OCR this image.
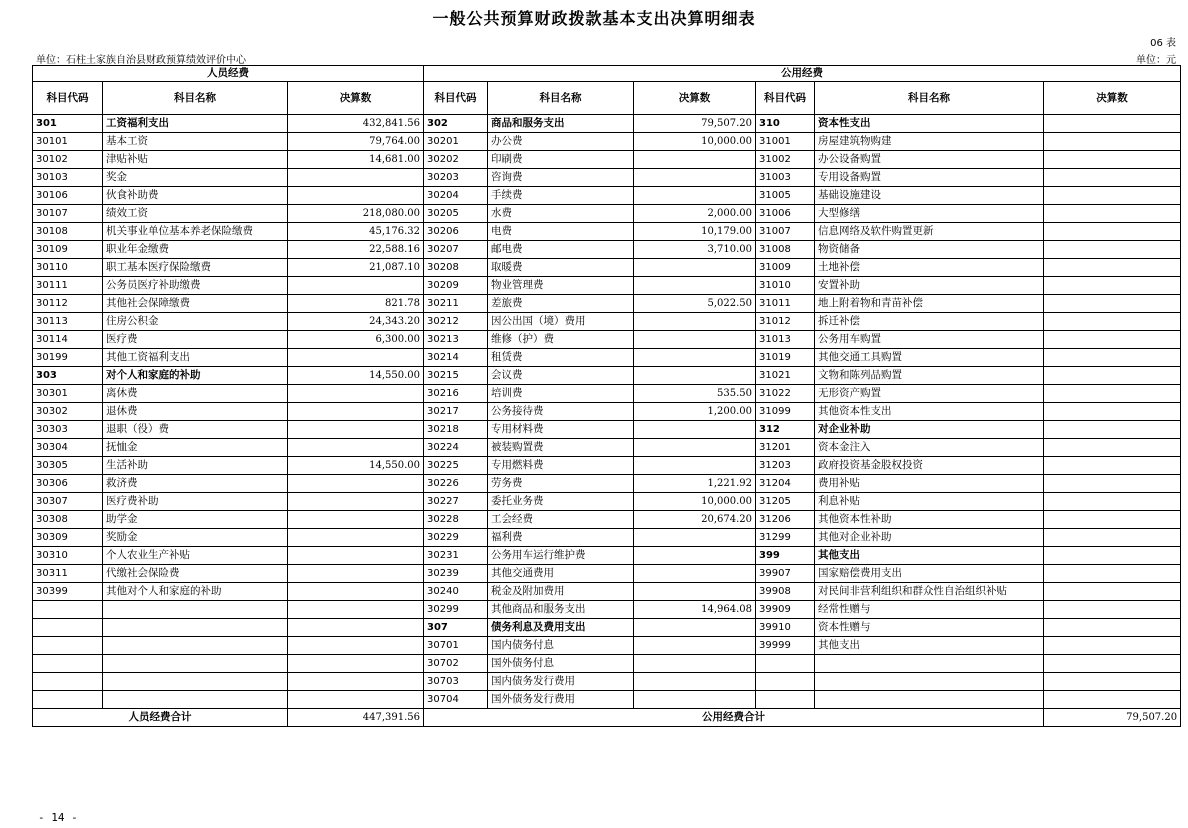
一般公共预算财政拨款基本支出决算明细表
06 表
单位：石柱土家族自治县财政预算绩效评价中心	单位：元
人员经费			公用经费					
科目代码	科目名称	决算数	科目代码	科目名称	决算数	科目代码	科目名称	决算数
301	工资福利支出	432,841.56	302	商品和服务支出	79,507.20	310	资本性支出	
30101	基本工资	79,764.00	30201	办公费	10,000.00	31001	房屋建筑物购建	
30102	津贴补贴	14,681.00	30202	印刷费		31002	办公设备购置	
30103	奖金		30203	咨询费		31003	专用设备购置	
30106	伙食补助费		30204	手续费		31005	基础设施建设	
30107	绩效工资	218,080.00	30205	水费	2,000.00	31006	大型修缮	
30108	机关事业单位基本养老保险缴费	45,176.32	30206	电费	10,179.00	31007	信息网络及软件购置更新	
30109	职业年金缴费	22,588.16	30207	邮电费	3,710.00	31008	物资储备	
30110	职工基本医疗保险缴费	21,087.10	30208	取暖费		31009	土地补偿	
30111	公务员医疗补助缴费		30209	物业管理费		31010	安置补助	
30112	其他社会保障缴费	821.78	30211	差旅费	5,022.50	31011	地上附着物和青苗补偿	
30113	住房公积金	24,343.20	30212	因公出国（境）费用		31012	拆迁补偿	
30114	医疗费	6,300.00	30213	维修（护）费		31013	公务用车购置	
30199	其他工资福利支出		30214	租赁费		31019	其他交通工具购置	
303	对个人和家庭的补助	14,550.00	30215	会议费		31021	文物和陈列品购置	
30301	离休费		30216	培训费	535.50	31022	无形资产购置	
30302	退休费		30217	公务接待费	1,200.00	31099	其他资本性支出	
30303	退职（役）费		30218	专用材料费		312	对企业补助	
30304	抚恤金		30224	被装购置费		31201	资本金注入	
30305	生活补助	14,550.00	30225	专用燃料费		31203	政府投资基金股权投资	
30306	救济费		30226	劳务费	1,221.92	31204	费用补贴	
30307	医疗费补助		30227	委托业务费	10,000.00	31205	利息补贴	
30308	助学金		30228	工会经费	20,674.20	31206	其他资本性补助	
30309	奖励金		30229	福利费		31299	其他对企业补助	
30310	个人农业生产补贴		30231	公务用车运行维护费		399	其他支出	
30311	代缴社会保险费		30239	其他交通费用		39907	国家赔偿费用支出	
30399	其他对个人和家庭的补助		30240	税金及附加费用		39908	对民间非营利组织和群众性自治组织补贴	
			30299	其他商品和服务支出	14,964.08	39909	经常性赠与	
			307	债务利息及费用支出		39910	资本性赠与	
			30701	国内债务付息		39999	其他支出	
			30702	国外债务付息				
			30703	国内债务发行费用				
			30704	国外债务发行费用				
人员经费合计		447,391.56	公用经费合计					79,507.20
- 14 -
